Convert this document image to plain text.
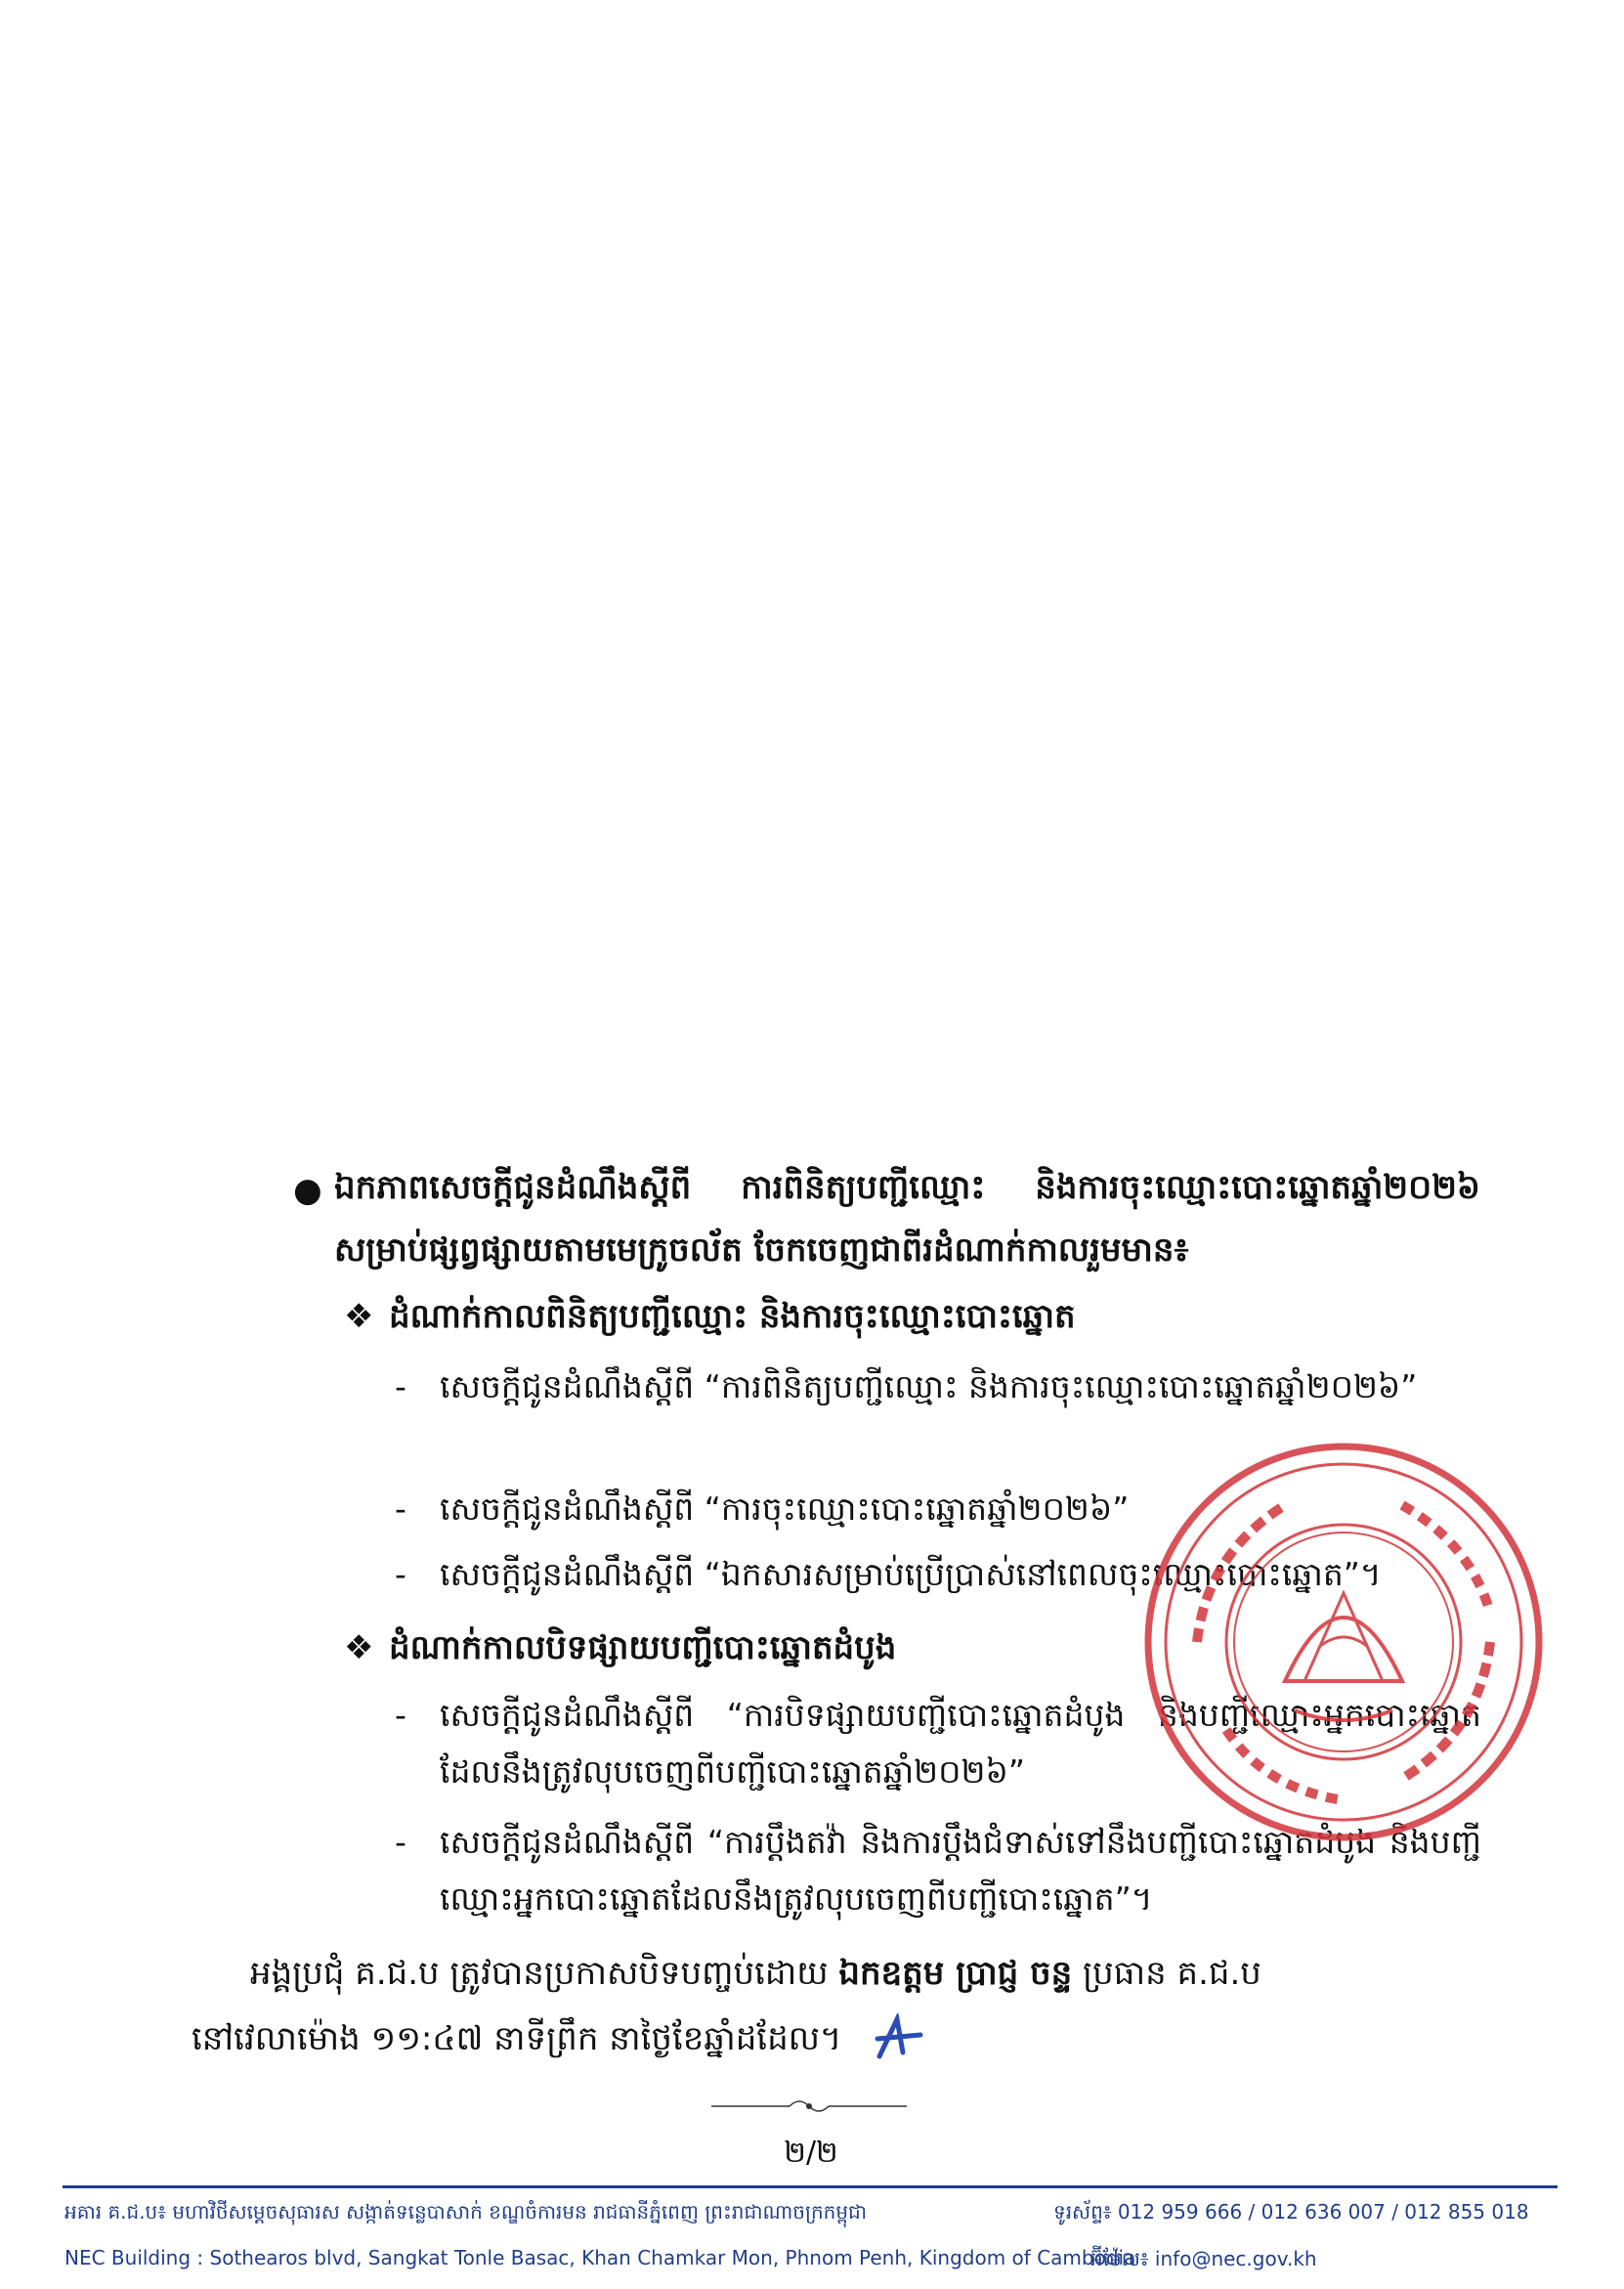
● ឯកភាពសេចក្ដីជូនដំណឹងស្ដីពី ការពិនិត្យបញ្ជីឈ្មោះ និងការចុះឈ្មោះបោះឆ្នោតឆ្នាំ២០២៦ សម្រាប់ផ្សព្វផ្សាយតាមមេក្រូចល័ត ចែកចេញជាពីរដំណាក់កាលរួមមាន៖
❖ ដំណាក់កាលពិនិត្យបញ្ជីឈ្មោះ និងការចុះឈ្មោះបោះឆ្នោត
- សេចក្ដីជូនដំណឹងស្ដីពី “ការពិនិត្យបញ្ជីឈ្មោះ និងការចុះឈ្មោះបោះឆ្នោតឆ្នាំ២០២៦”
- សេចក្ដីជូនដំណឹងស្ដីពី “ការចុះឈ្មោះបោះឆ្នោតឆ្នាំ២០២៦”
- សេចក្ដីជូនដំណឹងស្ដីពី “ឯកសារសម្រាប់ប្រើប្រាស់នៅពេលចុះឈ្មោះបោះឆ្នោត”។
❖ ដំណាក់កាលបិទផ្សាយបញ្ជីបោះឆ្នោតដំបូង
- សេចក្ដីជូនដំណឹងស្ដីពី “ការបិទផ្សាយបញ្ជីបោះឆ្នោតដំបូង និងបញ្ជីឈ្មោះអ្នកបោះឆ្នោតដែលនឹងត្រូវលុបចេញពីបញ្ជីបោះឆ្នោតឆ្នាំ២០២៦”
- សេចក្ដីជូនដំណឹងស្ដីពី “ការប្ដឹងតវ៉ា និងការប្ដឹងជំទាស់ទៅនឹងបញ្ជីបោះឆ្នោតដំបូង និងបញ្ជីឈ្មោះអ្នកបោះឆ្នោតដែលនឹងត្រូវលុបចេញពីបញ្ជីបោះឆ្នោត”។
អង្គប្រជុំ គ.ជ.ប ត្រូវបានប្រកាសបិទបញ្ចប់ដោយ ឯកឧត្តម ប្រាជ្ញ ចន្ទ ប្រធាន គ.ជ.ប
នៅវេលាម៉ោង ១១:៤៧ នាទីព្រឹក នាថ្ងៃខែឆ្នាំដដែល។
២/២
អគារ គ.ជ.ប៖ មហាវិថីសម្ដេចសុធារស សង្កាត់ទន្លេបាសាក់ ខណ្ឌចំការមន រាជធានីភ្នំពេញ ព្រះរាជាណាចក្រកម្ពុជា	ទូរស័ព្ទ៖ 012 959 666 / 012 636 007 / 012 855 018
NEC Building : Sothearos blvd, Sangkat Tonle Basac, Khan Chamkar Mon, Phnom Penh, Kingdom of Cambodia
អ៊ីម៉ែល៖ info@nec.gov.kh
